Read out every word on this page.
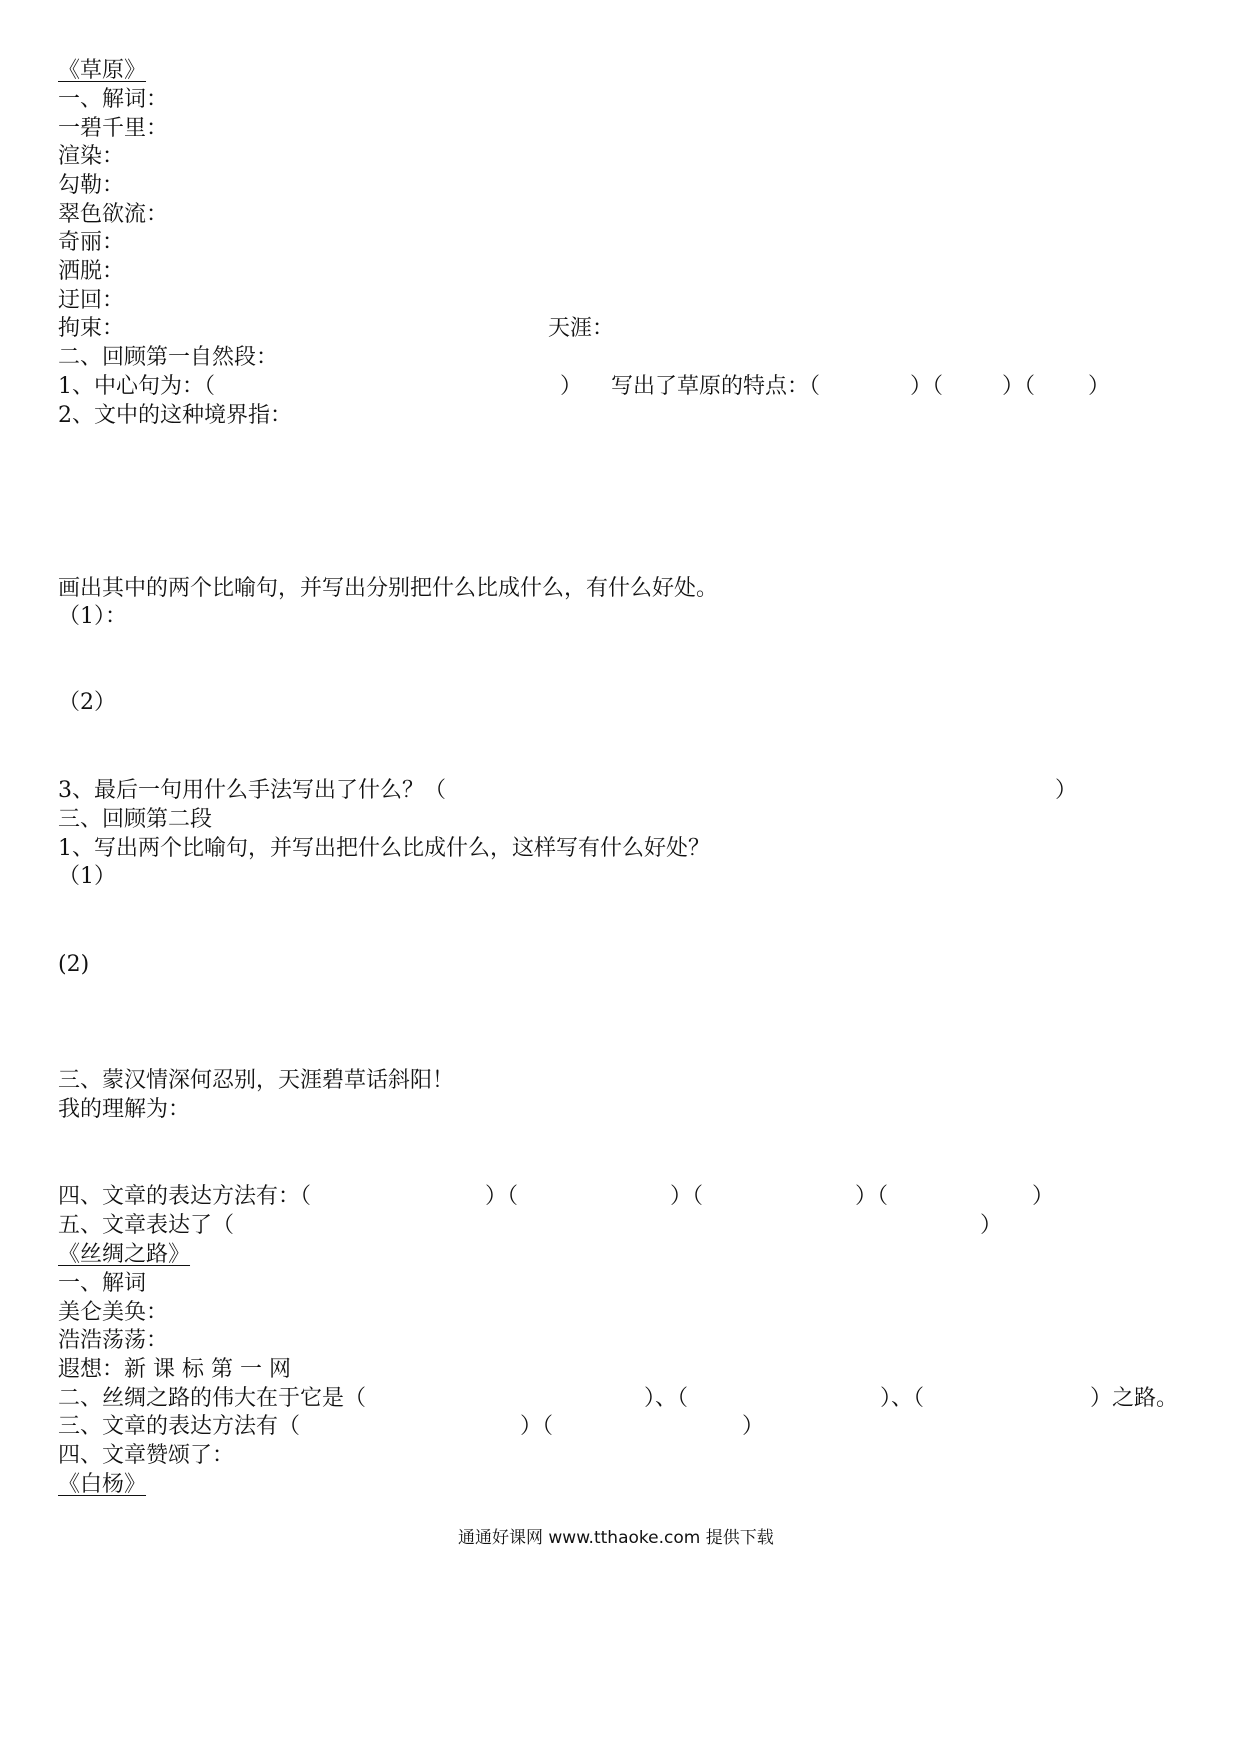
《草原》
一、解词：
一碧千里：
渲染：
勾勒：
翠色欲流：
奇丽：
洒脱：
迂回：
拘束：	天涯：
二、回顾第一自然段：
1、中心句为：（	） 写出了草原的特点：（	）（	）（ ）
2、文中的这种境界指：
画出其中的两个比喻句，并写出分别把什么比成什么，有什么好处。
（1）：
（2）
3、最后一句用什么手法写出了什么？（	）
三、回顾第二段
1、写出两个比喻句，并写出把什么比成什么，这样写有什么好处？
（1）
(2)
三、蒙汉情深何忍别，天涯碧草话斜阳！
我的理解为：
四、文章的表达方法有：（	）（	）（	）（	）
五、文章表达了（	）
《丝绸之路》
一、解词
美仑美奂：
浩浩荡荡：
遐想：新 课 标 第 一 网
二、丝绸之路的伟大在于它是（	）、（	）、（	）之路。
三、文章的表达方法有（	）（	）
四、文章赞颂了：
《白杨》
通通好课网 www.tthaoke.com 提供下载
